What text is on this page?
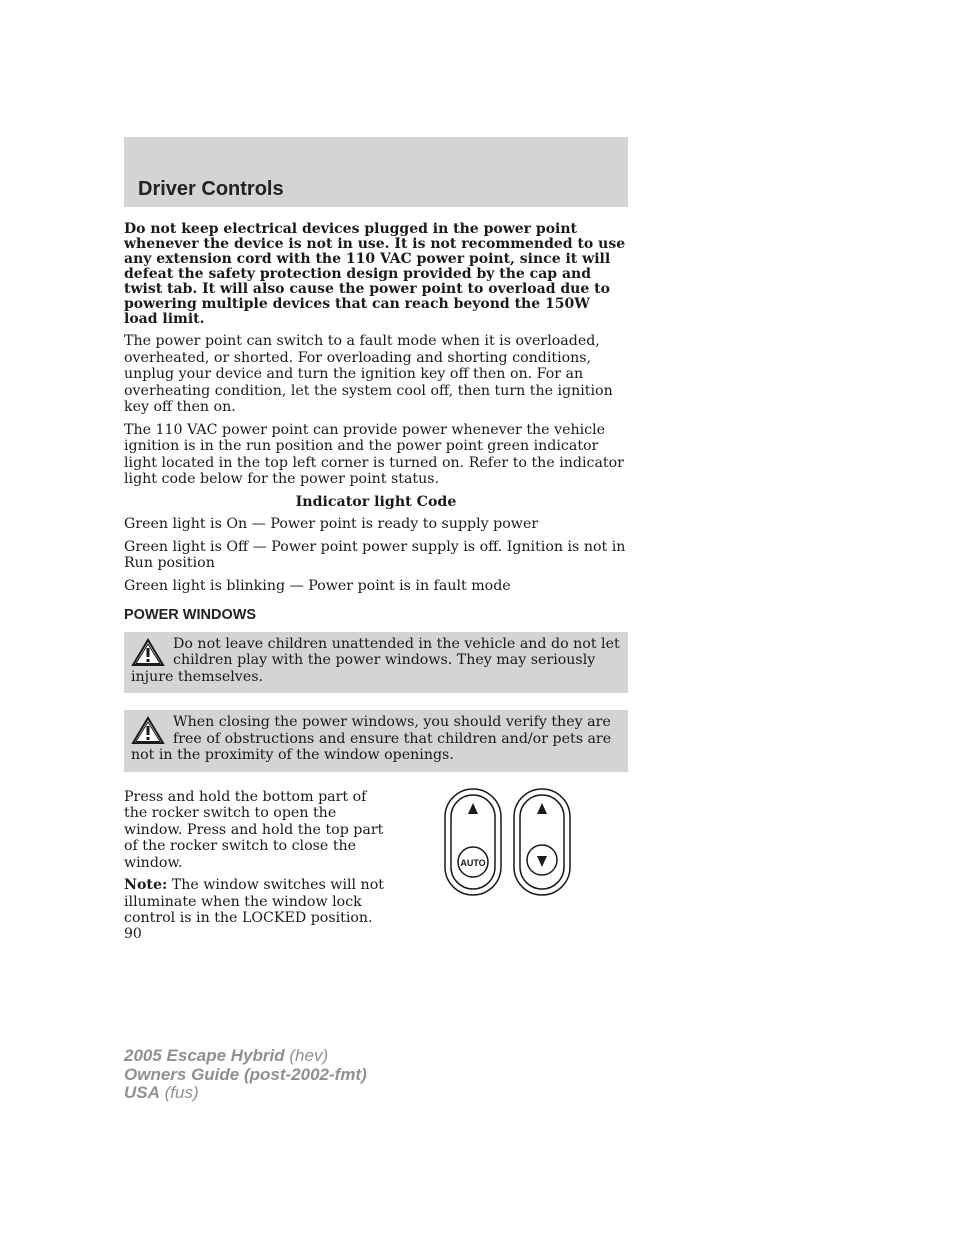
Driver Controls

Do not keep electrical devices plugged in the power point whenever the device is not in use. It is not recommended to use any extension cord with the 110 VAC power point, since it will defeat the safety protection design provided by the cap and twist tab. It will also cause the power point to overload due to powering multiple devices that can reach beyond the 150W load limit.

The power point can switch to a fault mode when it is overloaded, overheated, or shorted. For overloading and shorting conditions, unplug your device and turn the ignition key off then on. For an overheating condition, let the system cool off, then turn the ignition key off then on.

The 110 VAC power point can provide power whenever the vehicle ignition is in the run position and the power point green indicator light located in the top left corner is turned on. Refer to the indicator light code below for the power point status.

Indicator light Code

Green light is On — Power point is ready to supply power

Green light is Off — Power point power supply is off. Ignition is not in Run position

Green light is blinking — Power point is in fault mode

POWER WINDOWS
Do not leave children unattended in the vehicle and do not let children play with the power windows. They may seriously injure themselves.
When closing the power windows, you should verify they are free of obstructions and ensure that children and/or pets are not in the proximity of the window openings.

Press and hold the bottom part of the rocker switch to open the window. Press and hold the top part of the rocker switch to close the window.

Note: The window switches will not illuminate when the window lock control is in the LOCKED position.

AUTO
90
2005 Escape Hybrid (hev)
Owners Guide (post-2002-fmt)
USA (fus)
